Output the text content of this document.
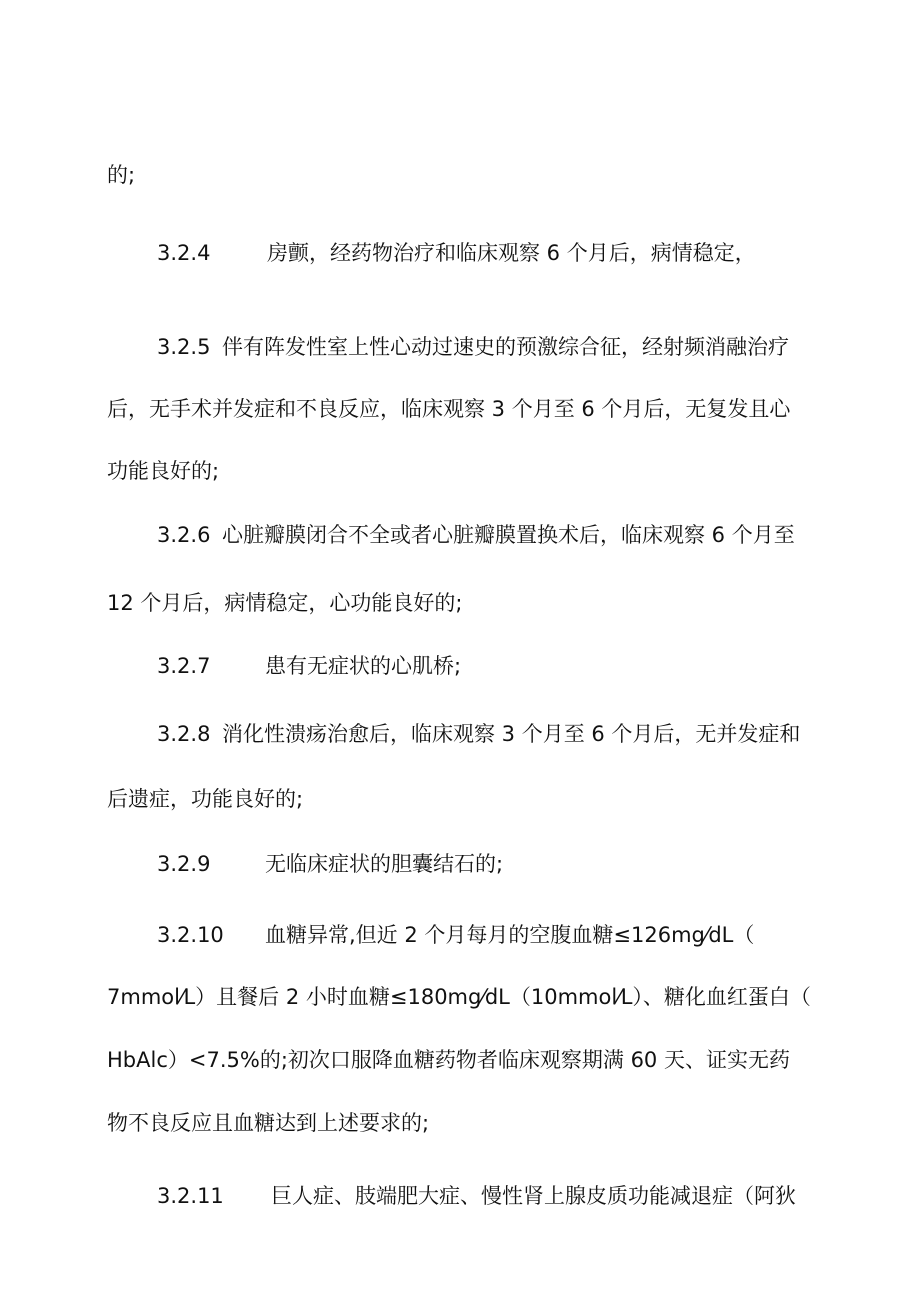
的;
3.2.4	房颤，经药物治疗和临床观察 6 个月后，病情稳定，
3.2.5 伴有阵发性室上性心动过速史的预激综合征，经射频消融治疗
后，无手术并发症和不良反应，临床观察 3 个月至 6 个月后，无复发且心
功能良好的;
3.2.6 心脏瓣膜闭合不全或者心脏瓣膜置换术后，临床观察 6 个月至
12 个月后，病情稳定，心功能良好的;
3.2.7	患有无症状的心肌桥;
3.2.8 消化性溃疡治愈后，临床观察 3 个月至 6 个月后，无并发症和
后遗症，功能良好的;
3.2.9	无临床症状的胆囊结石的;
3.2.10 血糖异常,但近 2 个月每月的空腹血糖≤126mg⁄dL（
7mmol⁄L）且餐后 2 小时血糖≤180mg⁄dL（10mmol⁄L）、糖化血红蛋白（
HbAlc）<7.5%的;初次口服降血糖药物者临床观察期满 60 天、证实无药
物不良反应且血糖达到上述要求的;
3.2.11 巨人症、肢端肥大症、慢性肾上腺皮质功能减退症（阿狄
